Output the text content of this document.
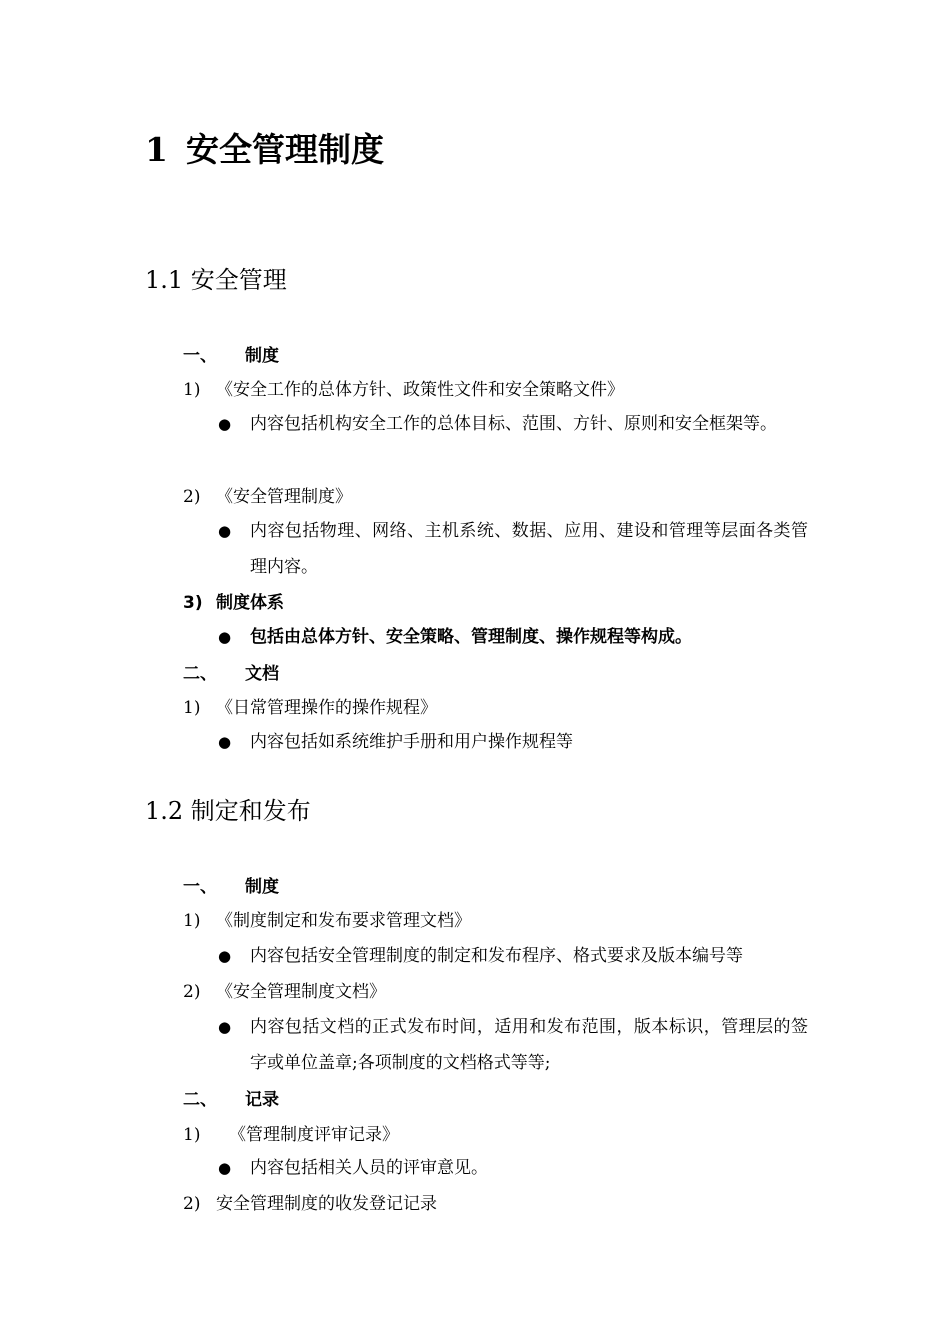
1 安全管理制度
1.1 安全管理
一、 制度
1) 《安全工作的总体方针、政策性文件和安全策略文件》
●	内容包括机构安全工作的总体目标、范围、方针、原则和安全框架等。
2) 《安全管理制度》
●	内容包括物理、网络、主机系统、数据、应用、建设和管理等层面各类管理内容。
3) 制度体系
●	包括由总体方针、安全策略、管理制度、操作规程等构成。
二、 文档
1) 《日常管理操作的操作规程》
●	内容包括如系统维护手册和用户操作规程等
1.2 制定和发布
一、 制度
1) 《制度制定和发布要求管理文档》
●	内容包括安全管理制度的制定和发布程序、格式要求及版本编号等
2) 《安全管理制度文档》
●	内容包括文档的正式发布时间，适用和发布范围，版本标识，管理层的签字或单位盖章;各项制度的文档格式等等;
二、 记录
1) 《管理制度评审记录》
●	内容包括相关人员的评审意见。
2) 安全管理制度的收发登记记录
